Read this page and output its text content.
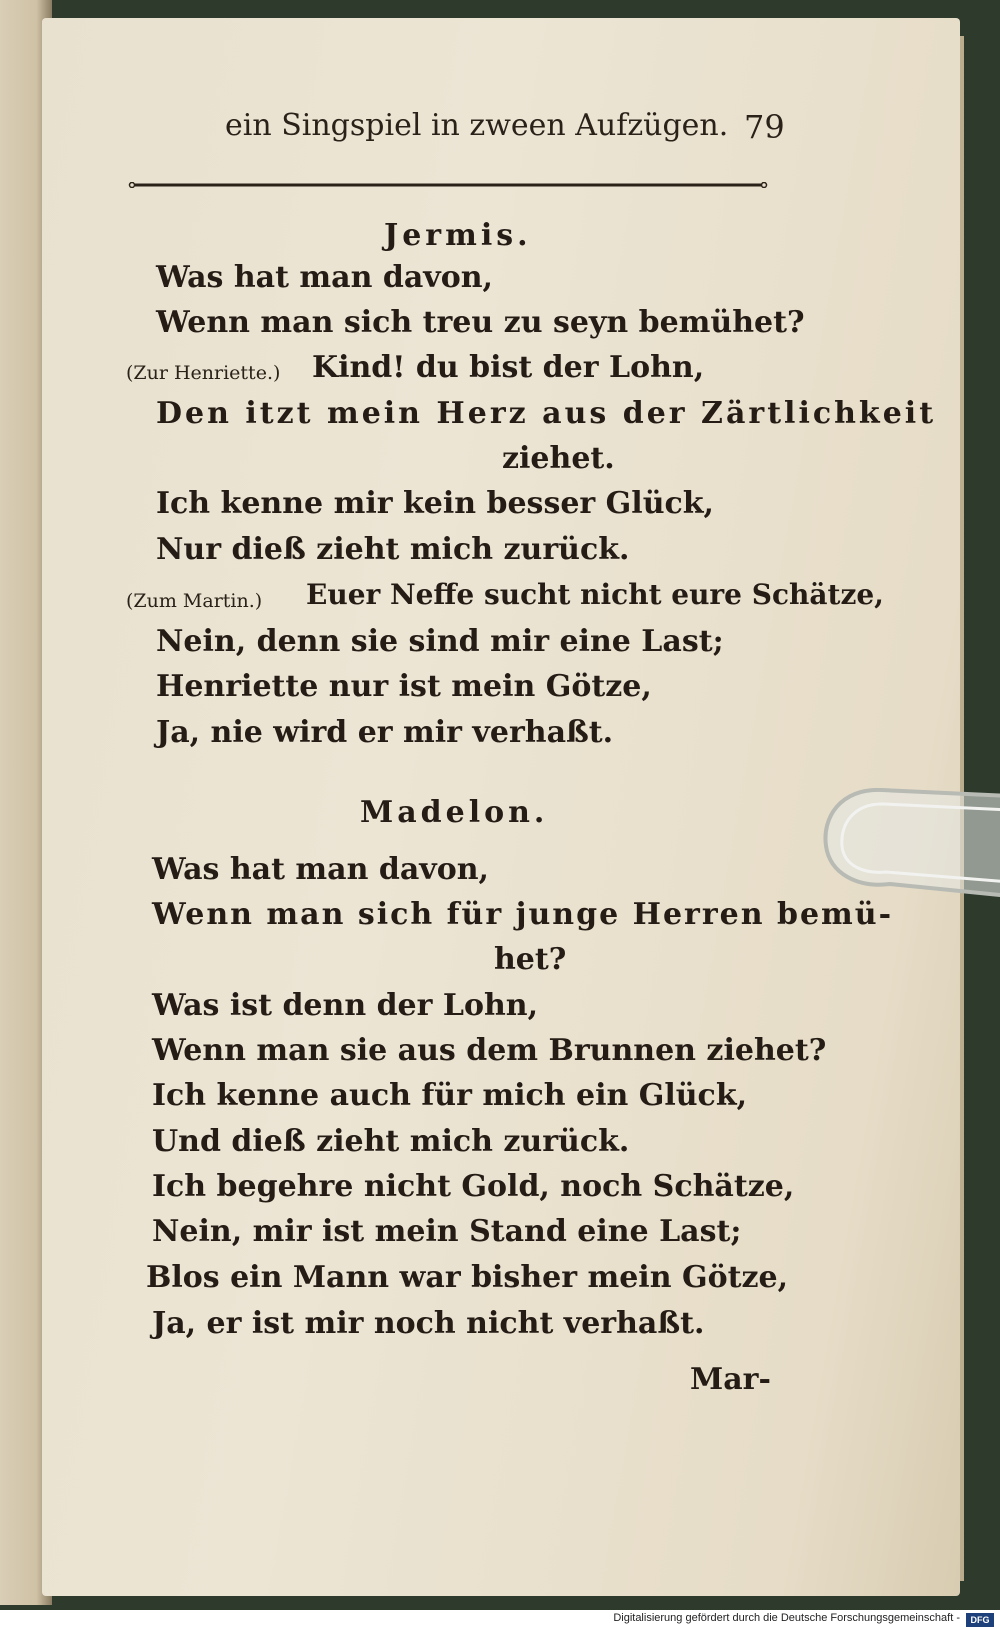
ein Singspiel in zween Aufzügen. 79
Jermis.
Was hat man davon,
Wenn man sich treu zu seyn bemühet?
(Zur Henriette.) Kind! du bist der Lohn,
Den itzt mein Herz aus der Zärtlichkeit
ziehet.
Ich kenne mir kein besser Glück,
Nur dieß zieht mich zurück.
(Zum Martin.) Euer Neffe sucht nicht eure Schätze,
Nein, denn sie sind mir eine Last;
Henriette nur ist mein Götze,
Ja, nie wird er mir verhaßt.
Madelon.
Was hat man davon,
Wenn man sich für junge Herren bemü-
het?
Was ist denn der Lohn,
Wenn man sie aus dem Brunnen ziehet?
Ich kenne auch für mich ein Glück,
Und dieß zieht mich zurück.
Ich begehre nicht Gold, noch Schätze,
Nein, mir ist mein Stand eine Last;
Blos ein Mann war bisher mein Götze,
Ja, er ist mir noch nicht verhaßt.
Mar-
Digitalisierung gefördert durch die Deutsche Forschungsgemeinschaft -	DFG
